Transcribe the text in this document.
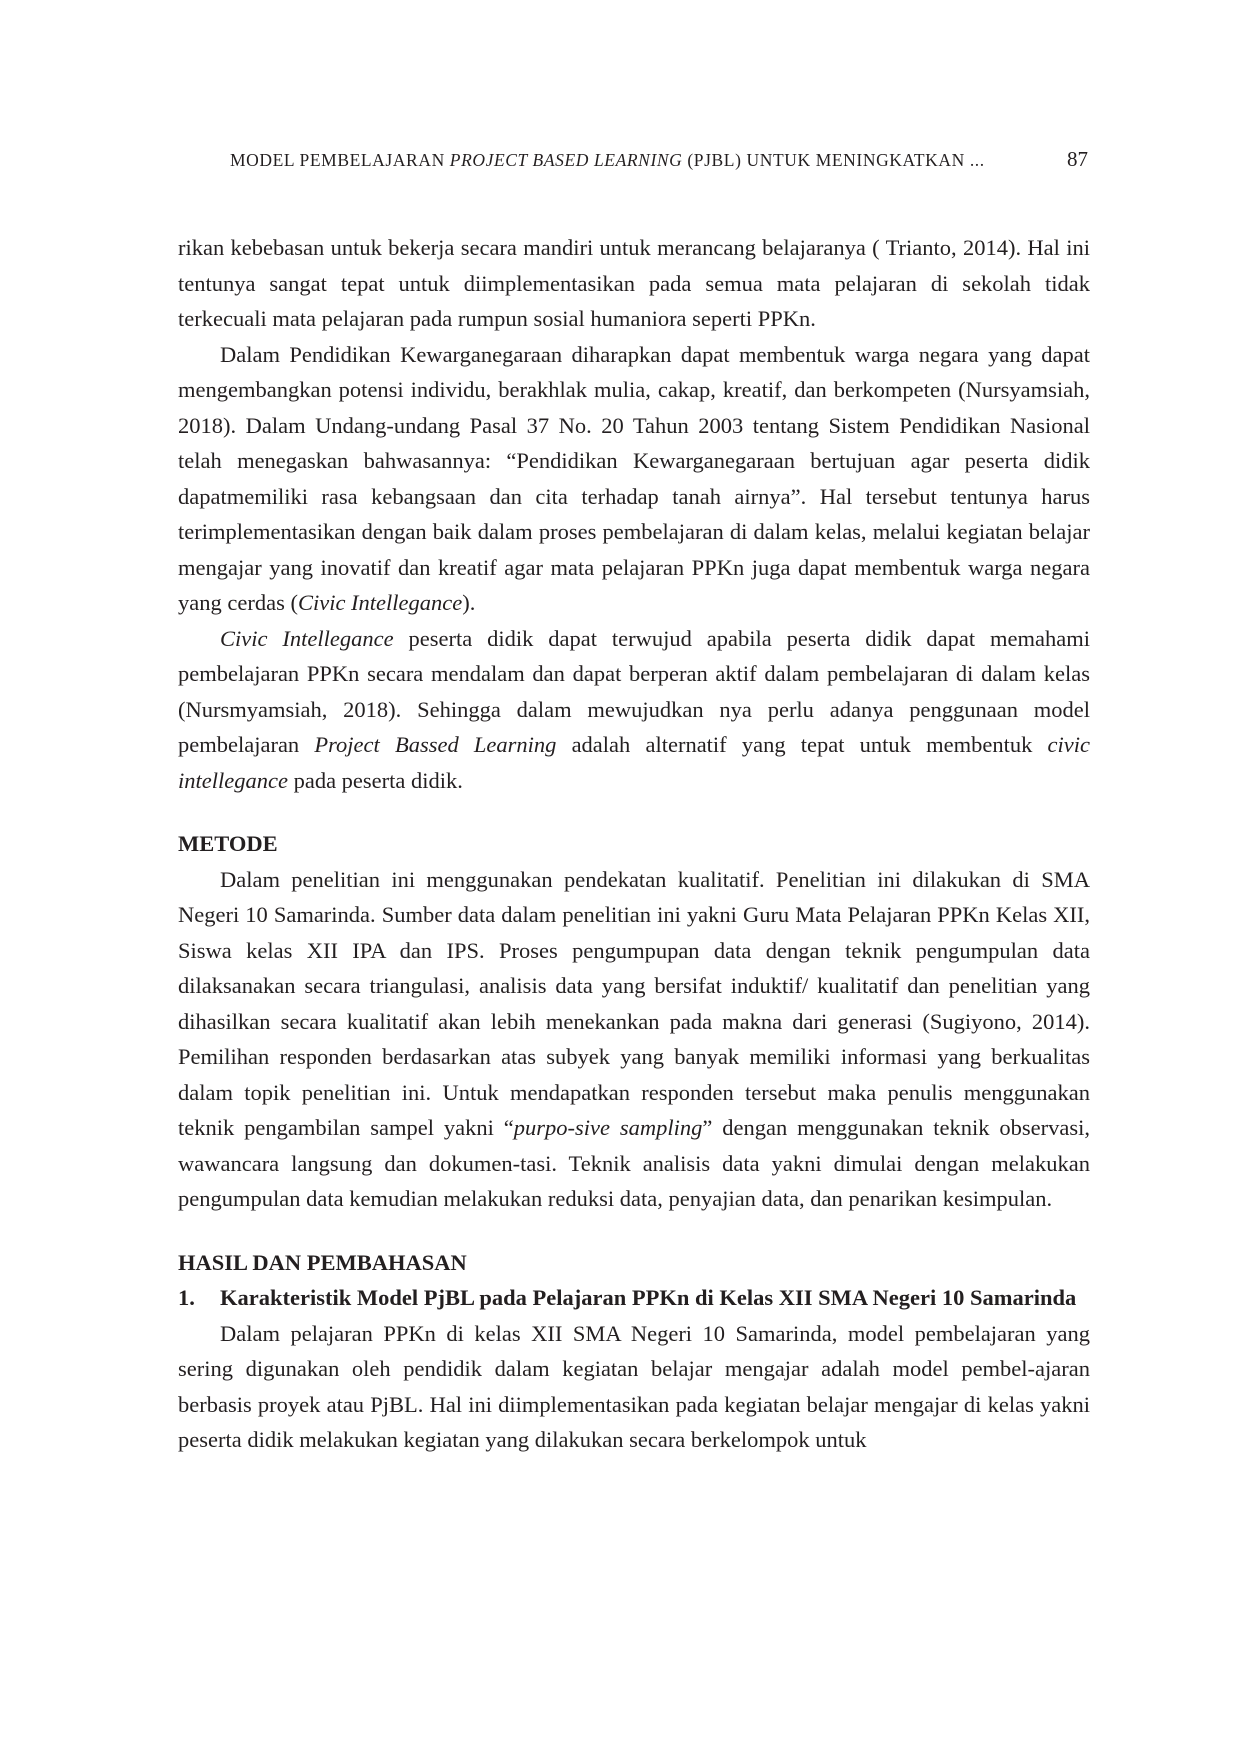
MODEL PEMBELAJARAN PROJECT BASED LEARNING (PJBL) UNTUK MENINGKATKAN ...	87

rikan kebebasan untuk bekerja secara mandiri untuk merancang belajaranya ( Trianto, 2014). Hal ini tentunya sangat tepat untuk diimplementasikan pada semua mata pelajaran di sekolah tidak terkecuali mata pelajaran pada rumpun sosial humaniora seperti PPKn.

Dalam Pendidikan Kewarganegaraan diharapkan dapat membentuk warga negara yang dapat mengembangkan potensi individu, berakhlak mulia, cakap, kreatif, dan berkompeten (Nursyamsiah, 2018). Dalam Undang-undang Pasal 37 No. 20 Tahun 2003 tentang Sistem Pendidikan Nasional telah menegaskan bahwasannya: “Pendidikan Kewarganegaraan bertujuan agar peserta didik dapatmemiliki rasa kebangsaan dan cita terhadap tanah airnya”. Hal tersebut tentunya harus terimplementasikan dengan baik dalam proses pembelajaran di dalam kelas, melalui kegiatan belajar mengajar yang inovatif dan kreatif agar mata pelajaran PPKn juga dapat membentuk warga negara yang cerdas (Civic Intellegance).

Civic Intellegance peserta didik dapat terwujud apabila peserta didik dapat memahami pembelajaran PPKn secara mendalam dan dapat berperan aktif dalam pembelajaran di dalam kelas (Nursmyamsiah, 2018). Sehingga dalam mewujudkan nya perlu adanya penggunaan model pembelajaran Project Bassed Learning adalah alternatif yang tepat untuk membentuk civic intellegance pada peserta didik.

METODE

Dalam penelitian ini menggunakan pendekatan kualitatif. Penelitian ini dilakukan di SMA Negeri 10 Samarinda. Sumber data dalam penelitian ini yakni Guru Mata Pelajaran PPKn Kelas XII, Siswa kelas XII IPA dan IPS. Proses pengumpupan data dengan teknik pengumpulan data dilaksanakan secara triangulasi, analisis data yang bersifat induktif/ kualitatif dan penelitian yang dihasilkan secara kualitatif akan lebih menekankan pada makna dari generasi (Sugiyono, 2014). Pemilihan responden berdasarkan atas subyek yang banyak memiliki informasi yang berkualitas dalam topik penelitian ini. Untuk mendapatkan responden tersebut maka penulis menggunakan teknik pengambilan sampel yakni “purpo-sive sampling” dengan menggunakan teknik observasi, wawancara langsung dan dokumen-tasi. Teknik analisis data yakni dimulai dengan melakukan pengumpulan data kemudian melakukan reduksi data, penyajian data, dan penarikan kesimpulan.

HASIL DAN PEMBAHASAN

1. Karakteristik Model PjBL pada Pelajaran PPKn di Kelas XII SMA Negeri 10 Samarinda

Dalam pelajaran PPKn di kelas XII SMA Negeri 10 Samarinda, model pembelajaran yang sering digunakan oleh pendidik dalam kegiatan belajar mengajar adalah model pembel-ajaran berbasis proyek atau PjBL. Hal ini diimplementasikan pada kegiatan belajar mengajar di kelas yakni peserta didik melakukan kegiatan yang dilakukan secara berkelompok untuk
